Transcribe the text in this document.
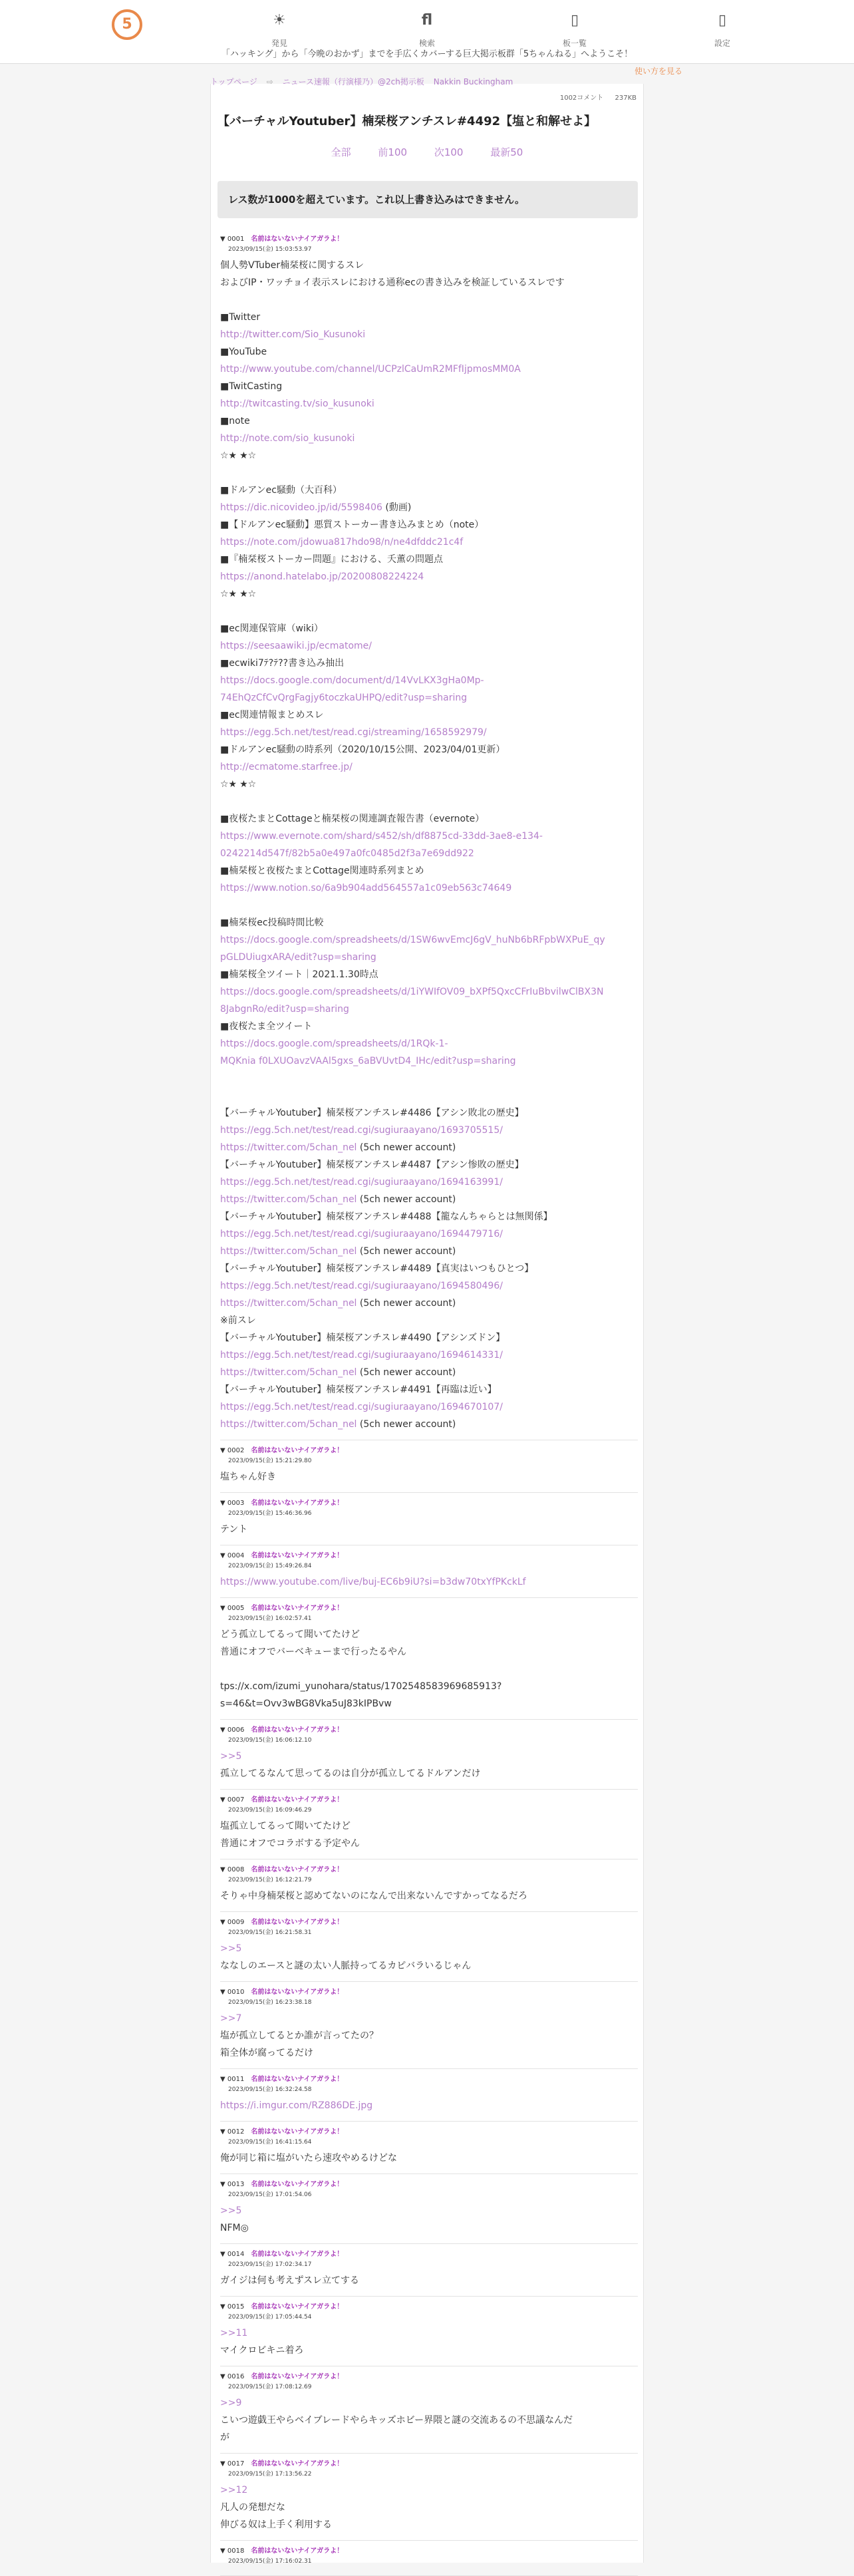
5	☀
発見
fl
検索
▯
板一覧
▯
設定
「ハッキング」から「今晩のおかず」までを手広くカバーする巨大掲示板群「5ちゃんねる」へようこそ！
使い方を見る
1002コメント 237KB
【バーチャルYoutuber】楠栞桜アンチスレ#4492【塩と和解せよ】
全部	前100	次100	最新50
レス数が1000を超えています。これ以上書き込みはできません。
▼ 0001 名前はないないナイアガラよ！
2023/09/15(金) 15:03:53.97
個人勢VTuber楠栞桜に関するスレ
およびIP・ワッチョイ表示スレにおける通称ecの書き込みを検証しているスレです
■Twitter
http://twitter.com/Sio_Kusunoki
■YouTube
http://www.youtube.com/channel/UCPzlCaUmR2MFfIjpmosMM0A
■TwitCasting
http://twitcasting.tv/sio_kusunoki
■note
http://note.com/sio_kusunoki
☆★ ★☆
■ドルアンec騒動（大百科）
https://dic.nicovideo.jp/id/5598406 (動画)
■【ドルアンec騒動】悪質ストーカー書き込みまとめ（note）
https://note.com/jdowua817hdo98/n/ne4dfddc21c4f
■『楠栞桜ストーカー問題』における、夭薫の問題点
https://anond.hatelabo.jp/20200808224224
☆★ ★☆
■ec関連保管庫（wiki）
https://seesaawiki.jp/ecmatome/
■ecwiki7ﾃ?ﾃ??書き込み抽出
https://docs.google.com/document/d/14VvLKX3gHa0Mp-
74EhQzCfCvQrgFagjy6toczkaUHPQ/edit?usp=sharing
■ec関連情報まとめスレ
https://egg.5ch.net/test/read.cgi/streaming/1658592979/
■ドルアンec騒動の時系列（2020/10/15公開、2023/04/01更新）
http://ecmatome.starfree.jp/
☆★ ★☆
■夜桜たまとCottageと楠栞桜の関連調査報告書（evernote）
https://www.evernote.com/shard/s452/sh/df8875cd-33dd-3ae8-e134-
0242214d547f/82b5a0e497a0fc0485d2f3a7e69dd922
■楠栞桜と夜桜たまとCottage関連時系列まとめ
https://www.notion.so/6a9b904add564557a1c09eb563c74649
■楠栞桜ec投稿時間比較
https://docs.google.com/spreadsheets/d/1SW6wvEmcJ6gV_huNb6bRFpbWXPuE_qy
pGLDUiugxARA/edit?usp=sharing
■楠栞桜全ツイート｜2021.1.30時点
https://docs.google.com/spreadsheets/d/1iYWIfOV09_bXPf5QxcCFrIuBbvilwClBX3N
8JabgnRo/edit?usp=sharing
■夜桜たま全ツイート
https://docs.google.com/spreadsheets/d/1RQk-1-
MQKnia f0LXUOavzVAAl5gxs_6aBVUvtD4_IHc/edit?usp=sharing
【バーチャルYoutuber】楠栞桜アンチスレ#4486【アシン敗北の歴史】
https://egg.5ch.net/test/read.cgi/sugiuraayano/1693705515/
https://twitter.com/5chan_nel (5ch newer account)
【バーチャルYoutuber】楠栞桜アンチスレ#4487【アシン惨敗の歴史】
https://egg.5ch.net/test/read.cgi/sugiuraayano/1694163991/
https://twitter.com/5chan_nel (5ch newer account)
【バーチャルYoutuber】楠栞桜アンチスレ#4488【籠なんちゃらとは無関係】
https://egg.5ch.net/test/read.cgi/sugiuraayano/1694479716/
https://twitter.com/5chan_nel (5ch newer account)
【バーチャルYoutuber】楠栞桜アンチスレ#4489【真実はいつもひとつ】
https://egg.5ch.net/test/read.cgi/sugiuraayano/1694580496/
https://twitter.com/5chan_nel (5ch newer account)
※前スレ
【バーチャルYoutuber】楠栞桜アンチスレ#4490【アシンズドン】
https://egg.5ch.net/test/read.cgi/sugiuraayano/1694614331/
https://twitter.com/5chan_nel (5ch newer account)
【バーチャルYoutuber】楠栞桜アンチスレ#4491【再臨は近い】
https://egg.5ch.net/test/read.cgi/sugiuraayano/1694670107/
https://twitter.com/5chan_nel (5ch newer account)
▼ 0002 名前はないないナイアガラよ！
2023/09/15(金) 15:21:29.80
塩ちゃん好き
▼ 0003 名前はないないナイアガラよ！
2023/09/15(金) 15:46:36.96
テント
▼ 0004 名前はないないナイアガラよ！
2023/09/15(金) 15:49:26.84
https://www.youtube.com/live/buj-EC6b9iU?si=b3dw70txYfPKckLf
▼ 0005 名前はないないナイアガラよ！
2023/09/15(金) 16:02:57.41
どう孤立してるって聞いてたけど
普通にオフでバーベキューまで行ったるやん
tps://x.com/izumi_yunohara/status/1702548583969685913?
s=46&t=Ovv3wBG8Vka5uJ83kIPBvw
▼ 0006 名前はないないナイアガラよ！
2023/09/15(金) 16:06:12.10
>>5
孤立してるなんて思ってるのは自分が孤立してるドルアンだけ
▼ 0007 名前はないないナイアガラよ！
2023/09/15(金) 16:09:46.29
塩孤立してるって聞いてたけど
普通にオフでコラボする予定やん
▼ 0008 名前はないないナイアガラよ！
2023/09/15(金) 16:12:21.79
そりゃ中身楠栞桜と認めてないのになんで出来ないんですかってなるだろ
▼ 0009 名前はないないナイアガラよ！
2023/09/15(金) 16:21:58.31
>>5
ななしのエースと謎の太い人脈持ってるカピバラいるじゃん
▼ 0010 名前はないないナイアガラよ！
2023/09/15(金) 16:23:38.18
>>7
塩が孤立してるとか誰が言ってたの？
箱全体が腐ってるだけ
▼ 0011 名前はないないナイアガラよ！
2023/09/15(金) 16:32:24.58
https://i.imgur.com/RZ886DE.jpg
▼ 0012 名前はないないナイアガラよ！
2023/09/15(金) 16:41:15.64
俺が同じ箱に塩がいたら速攻やめるけどな
▼ 0013 名前はないないナイアガラよ！
2023/09/15(金) 17:01:54.06
>>5
NFM◎
▼ 0014 名前はないないナイアガラよ！
2023/09/15(金) 17:02:34.17
ガイジは何も考えずスレ立てする
▼ 0015 名前はないないナイアガラよ！
2023/09/15(金) 17:05:44.54
>>11
マイクロビキニ着ろ
▼ 0016 名前はないないナイアガラよ！
2023/09/15(金) 17:08:12.69
>>9
こいつ遊戯王やらベイブレードやらキッズホビー界隈と謎の交流あるの不思議なんだ
が
▼ 0017 名前はないないナイアガラよ！
2023/09/15(金) 17:13:56.22
>>12
凡人の発想だな
伸びる奴は上手く利用する
▼ 0018 名前はないないナイアガラよ！
2023/09/15(金) 17:16:02.31
トップページ ⇨ ニュース速報（行演様乃）@2ch掲示板 Nakkin Buckingham
